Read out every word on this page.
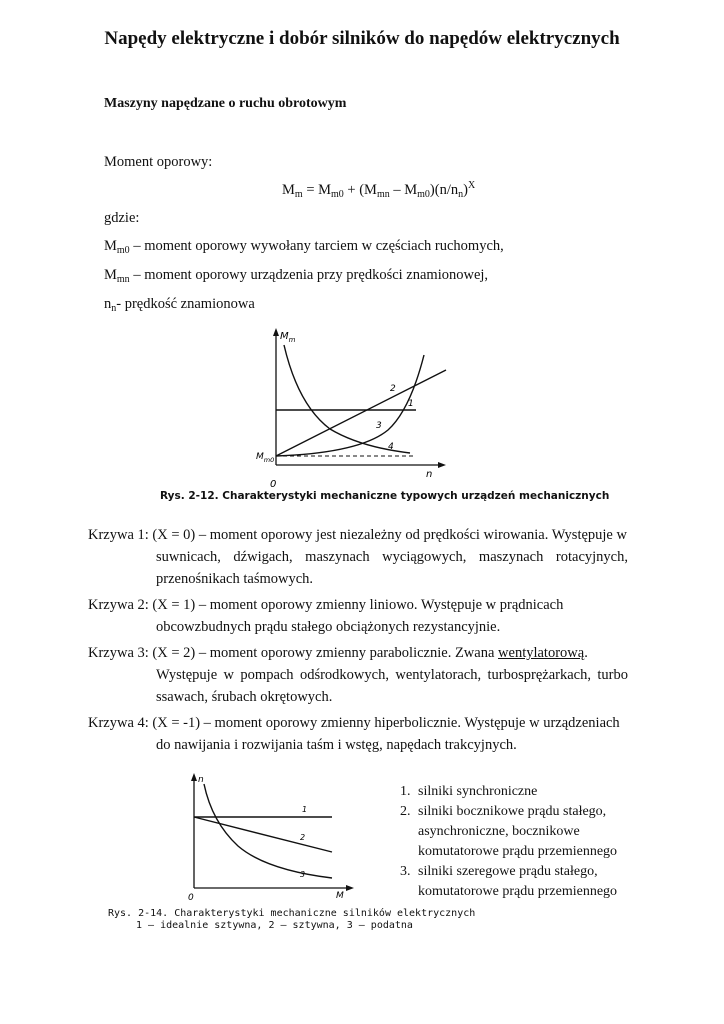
Napędy elektryczne i dobór silników do napędów elektrycznych
Maszyny napędzane o ruchu obrotowym
Moment oporowy:
$M_m = M_{m0} + (M_{mn} - M_{m0})(n/n_n)^X$
gdzie:
$M_{m0}$ – moment oporowy wywołany tarciem w częściach ruchomych,
$M_{mn}$ – moment oporowy urządzenia przy prędkości znamionowej,
$n_n-$ prędkość znamionowa
$M_m$
n
0
$M_{m0}$
2
1
3
4
Rys. 2-12. Charakterystyki mechaniczne typowych urządzeń mechanicznych
Krzywa 1: (X = 0) – moment oporowy jest niezależny od prędkości wirowania. Występuje w
suwnicach, dźwigach, maszynach wyciągowych, maszynach rotacyjnych, przenośnikach taśmowych.
Krzywa 2: (X = 1) – moment oporowy zmienny liniowo. Występuje w prądnicach
obcowzbudnych prądu stałego obciążonych rezystancyjnie.
Krzywa 3: (X = 2) – moment oporowy zmienny parabolicznie. Zwana wentylatorową.
Występuje w pompach odśrodkowych, wentylatorach, turbosprężarkach, turbo ssawach, śrubach okrętowych.
Krzywa 4: (X = -1) – moment oporowy zmienny hiperbolicznie. Występuje w urządzeniach
do nawijania i rozwijania taśm i wstęg, napędach trakcyjnych.
n
M
0
1
2
3
Rys. 2-14. Charakterystyki mechaniczne silników elektrycznych
1 — idealnie sztywna, 2 — sztywna, 3 — podatna
1. silniki synchroniczne
2. silniki bocznikowe prądu stałego, asynchroniczne, bocznikowe komutatorowe prądu przemiennego
3. silniki szeregowe prądu stałego, komutatorowe prądu przemiennego
